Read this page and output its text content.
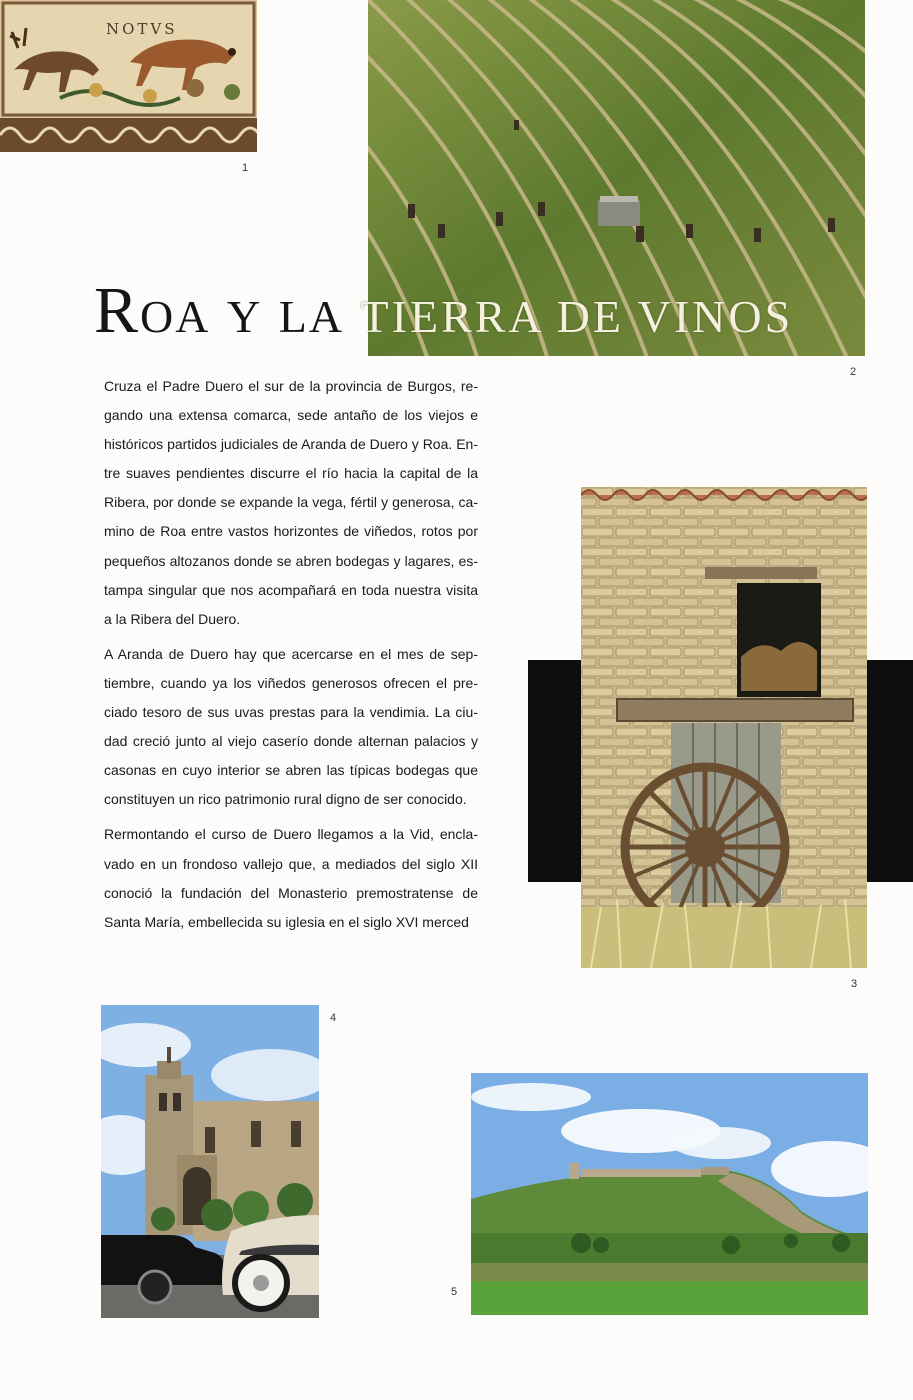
NOTVS
1
ROA Y LA TIERRA DE VINOS
2

Cruza el Padre Duero el sur de la provincia de Burgos, regando una extensa comarca, sede antaño de los viejos e históricos partidos judiciales de Aranda de Duero y Roa. Entre suaves pendientes discurre el río hacia la capital de la Ribera, por donde se expande la vega, fértil y generosa, camino de Roa entre vastos horizontes de viñedos, rotos por pequeños altozanos donde se abren bodegas y lagares, estampa singular que nos acompañará en toda nuestra visita a la Ribera del Duero.

A Aranda de Duero hay que acercarse en el mes de septiembre, cuando ya los viñedos generosos ofrecen el preciado tesoro de sus uvas prestas para la vendimia. La ciudad creció junto al viejo caserío donde alternan palacios y casonas en cuyo interior se abren las típicas bodegas que constituyen un rico patrimonio rural digno de ser conocido.

Rermontando el curso de Duero llegamos a la Vid, enclavado en un frondoso vallejo que, a mediados del siglo XII conoció la fundación del Monasterio premostratense de Santa María, embellecida su iglesia en el siglo XVI merced

3
4
5
